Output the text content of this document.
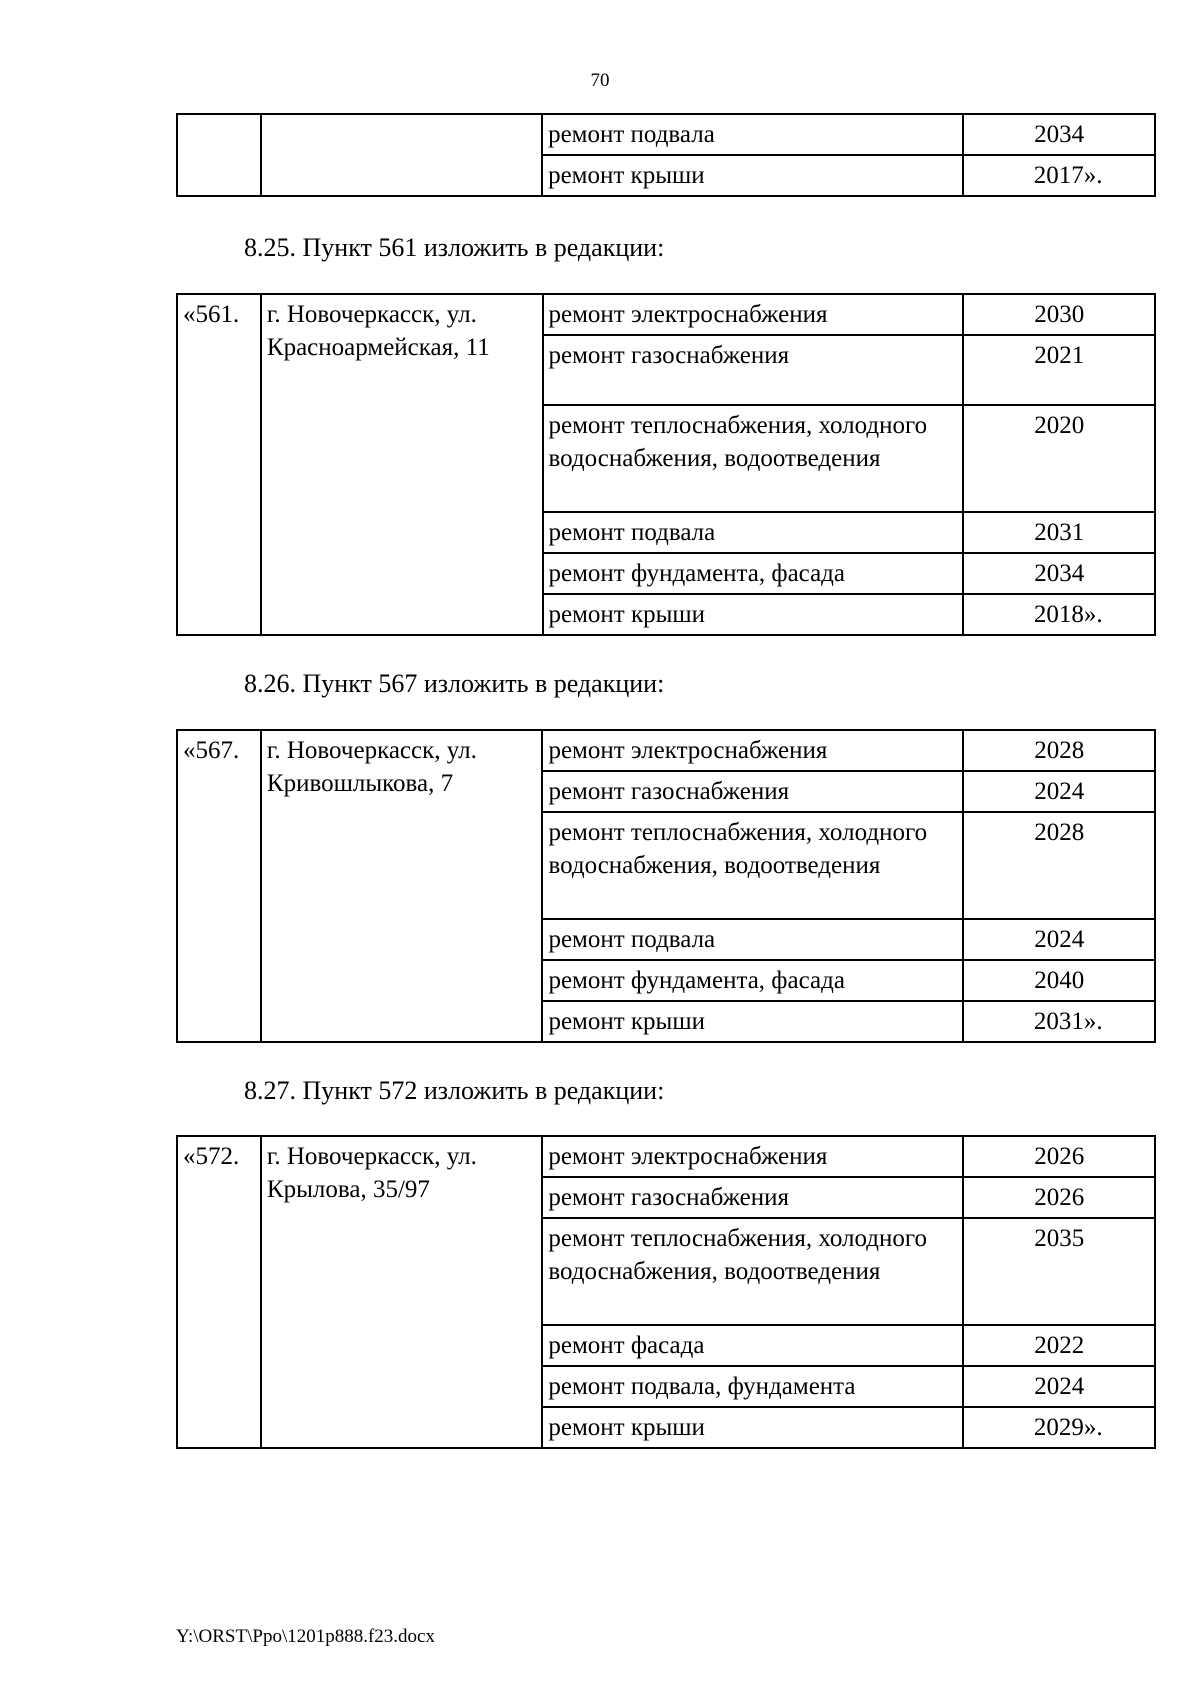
70
		ремонт подвала	2034
		ремонт крыши	2017».
8.25. Пункт 561 изложить в редакции:
«561.	г. Новочеркасск, ул. Красноармейская, 11	ремонт электроснабжения	2030
		ремонт газоснабжения	2021
		ремонт теплоснабжения, холодного водоснабжения, водоотведения	2020
		ремонт подвала	2031
		ремонт фундамента, фасада	2034
		ремонт крыши	2018».
8.26. Пункт 567 изложить в редакции:
«567.	г. Новочеркасск, ул. Кривошлыкова, 7	ремонт электроснабжения	2028
		ремонт газоснабжения	2024
		ремонт теплоснабжения, холодного водоснабжения, водоотведения	2028
		ремонт подвала	2024
		ремонт фундамента, фасада	2040
		ремонт крыши	2031».
8.27. Пункт 572 изложить в редакции:
«572.	г. Новочеркасск, ул. Крылова, 35/97	ремонт электроснабжения	2026
		ремонт газоснабжения	2026
		ремонт теплоснабжения, холодного водоснабжения, водоотведения	2035
		ремонт фасада	2022
		ремонт подвала, фундамента	2024
		ремонт крыши	2029».
Y:\ORST\Ppo\1201p888.f23.docx
